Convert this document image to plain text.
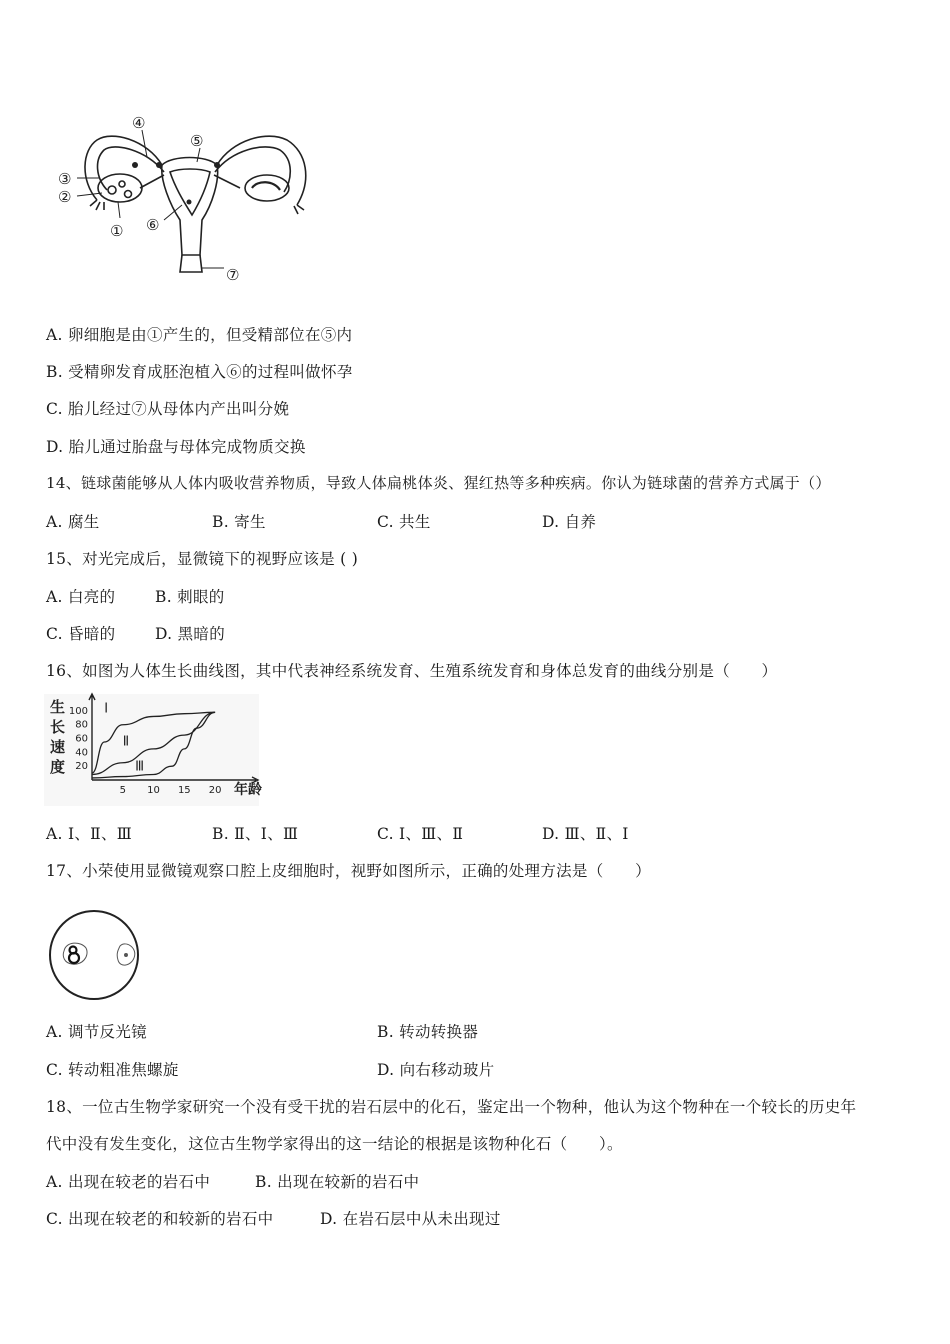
④
⑤
③
②
① ⑥
⑦
A. 卵细胞是由①产生的，但受精部位在⑤内
B. 受精卵发育成胚泡植入⑥的过程叫做怀孕
C. 胎儿经过⑦从母体内产出叫分娩
D. 胎儿通过胎盘与母体完成物质交换
14、链球菌能够从人体内吸收营养物质，导致人体扁桃体炎、猩红热等多种疾病。你认为链球菌的营养方式属于（）
A. 腐生	B. 寄生	C. 共生	D. 自养
15、对光完成后，显微镜下的视野应该是 ( )
A. 白亮的	B. 刺眼的
C. 昏暗的	D. 黑暗的
16、如图为人体生长曲线图，其中代表神经系统发育、生殖系统发育和身体总发育的曲线分别是（　　）
生
长
速
度 20
40
60
80
100
5 10 15 20 年龄
Ⅰ
Ⅱ
Ⅲ
A. Ⅰ、Ⅱ、Ⅲ	B. Ⅱ、Ⅰ、Ⅲ	C. Ⅰ、Ⅲ、Ⅱ	D. Ⅲ、Ⅱ、Ⅰ
17、小荣使用显微镜观察口腔上皮细胞时，视野如图所示，正确的处理方法是（　　）
A. 调节反光镜	B. 转动转换器
C. 转动粗准焦螺旋	D. 向右移动玻片
18、一位古生物学家研究一个没有受干扰的岩石层中的化石，鉴定出一个物种，他认为这个物种在一个较长的历史年
代中没有发生变化，这位古生物学家得出的这一结论的根据是该物种化石（　　）。
A. 出现在较老的岩石中	B. 出现在较新的岩石中
C. 出现在较老的和较新的岩石中	D. 在岩石层中从未出现过
